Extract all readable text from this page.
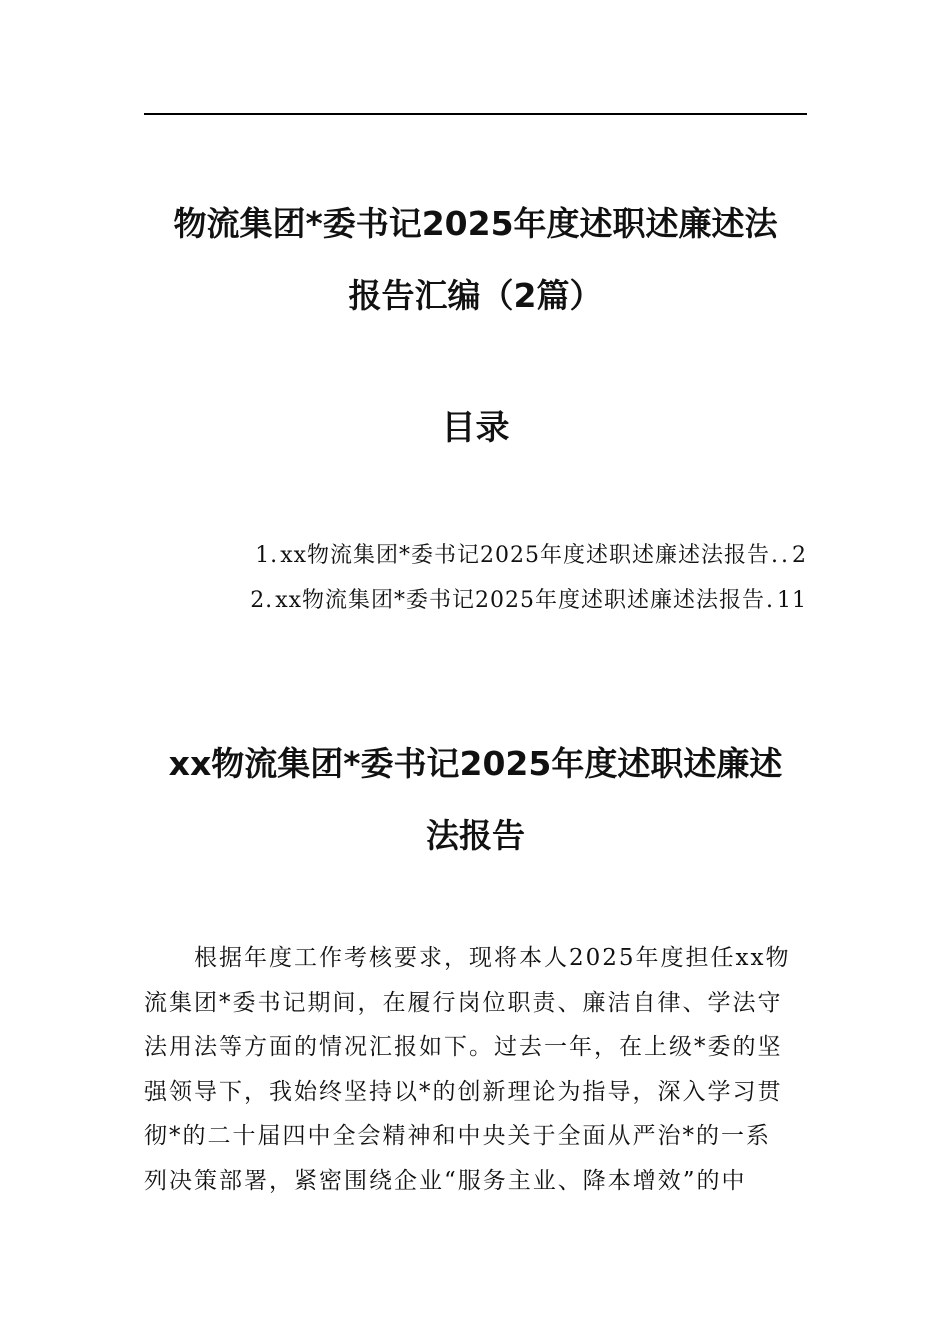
物流集团*委书记2025年度述职述廉述法
报告汇编（2篇）
目录
1. xx物流集团*委书记2025年度述职述廉述法报告 .. 2
2. xx物流集团*委书记2025年度述职述廉述法报告 . 11
xx物流集团*委书记2025年度述职述廉述
法报告

　　根据年度工作考核要求，现将本人2025年度担任xx物
流集团*委书记期间，在履行岗位职责、廉洁自律、学法守
法用法等方面的情况汇报如下。过去一年，在上级*委的坚
强领导下，我始终坚持以*的创新理论为指导，深入学习贯
彻*的二十届四中全会精神和中央关于全面从严治*的一系
列决策部署，紧密围绕企业“服务主业、降本增效”的中
